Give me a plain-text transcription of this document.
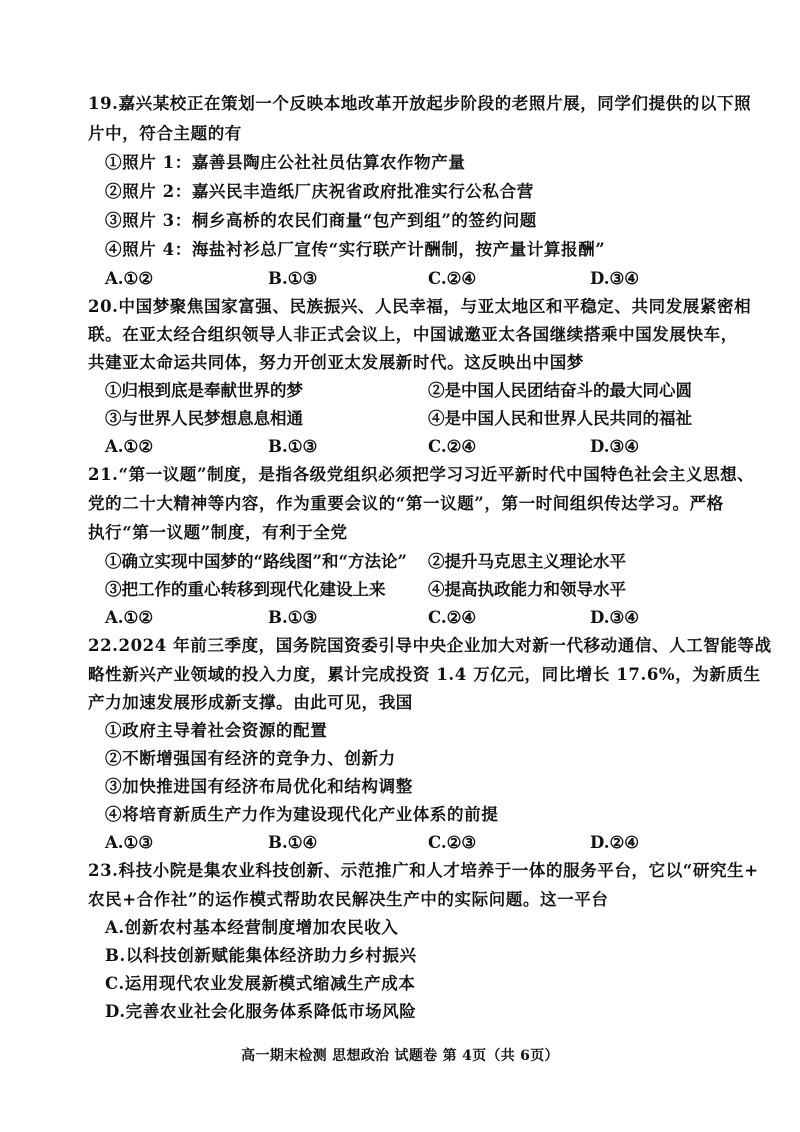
19.嘉兴某校正在策划一个反映本地改革开放起步阶段的老照片展，同学们提供的以下照
片中，符合主题的有
①照片 1：嘉善县陶庄公社社员估算农作物产量
②照片 2：嘉兴民丰造纸厂庆祝省政府批准实行公私合营
③照片 3：桐乡高桥的农民们商量“包产到组”的签约问题
④照片 4：海盐衬衫总厂宣传“实行联产计酬制，按产量计算报酬”
A.①②	B.①③	C.②④	D.③④
20.中国梦聚焦国家富强、民族振兴、人民幸福，与亚太地区和平稳定、共同发展紧密相
联。在亚太经合组织领导人非正式会议上，中国诚邀亚太各国继续搭乘中国发展快车，
共建亚太命运共同体，努力开创亚太发展新时代。这反映出中国梦
①归根到底是奉献世界的梦	②是中国人民团结奋斗的最大同心圆
③与世界人民梦想息息相通	④是中国人民和世界人民共同的福祉
A.①②	B.①③	C.②④	D.③④
21.“第一议题”制度，是指各级党组织必须把学习习近平新时代中国特色社会主义思想、
党的二十大精神等内容，作为重要会议的“第一议题”，第一时间组织传达学习。严格
执行“第一议题”制度，有利于全党
①确立实现中国梦的“路线图”和“方法论” ②提升马克思主义理论水平
③把工作的重心转移到现代化建设上来	④提高执政能力和领导水平
A.①②	B.①③	C.②④	D.③④
22.2024 年前三季度，国务院国资委引导中央企业加大对新一代移动通信、人工智能等战
略性新兴产业领域的投入力度，累计完成投资 1.4 万亿元，同比增长 17.6%，为新质生
产力加速发展形成新支撑。由此可见，我国
①政府主导着社会资源的配置
②不断增强国有经济的竞争力、创新力
③加快推进国有经济布局优化和结构调整
④将培育新质生产力作为建设现代化产业体系的前提
A.①③	B.①④	C.②③	D.②④
23.科技小院是集农业科技创新、示范推广和人才培养于一体的服务平台，它以“研究生+
农民+合作社”的运作模式帮助农民解决生产中的实际问题。这一平台
A.创新农村基本经营制度增加农民收入
B.以科技创新赋能集体经济助力乡村振兴
C.运用现代农业发展新模式缩减生产成本
D.完善农业社会化服务体系降低市场风险
高一期末检测 思想政治 试题卷 第 4页（共 6页）
